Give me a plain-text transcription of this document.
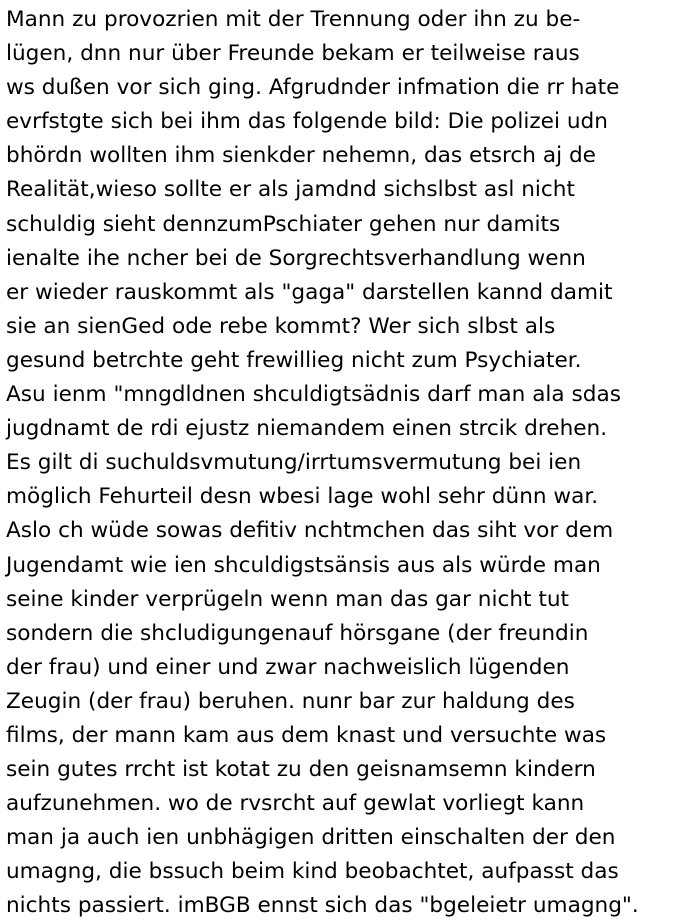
Mann zu provozrien mit der Trennung oder ihn zu be-
lügen, dnn nur über Freunde bekam er teilweise raus
ws dußen vor sich ging. Afgrudnder infmation die rr hate
evrfstgte sich bei ihm das folgende bild: Die polizei udn
bhördn wollten ihm sienkder nehemn, das etsrch aj de
Realität,wieso sollte er als jamdnd sichslbst asl nicht
schuldig sieht dennzumPschiater gehen nur damits
ienalte ihe ncher bei de Sorgrechtsverhandlung wenn
er wieder rauskommt als "gaga" darstellen kannd damit
sie an sienGed ode rebe kommt? Wer sich slbst als
gesund betrchte geht frewillieg nicht zum Psychiater.
Asu ienm "mngdldnen shculdigtsädnis darf man ala sdas
jugdnamt de rdi ejustz niemandem einen strcik drehen.
Es gilt di suchuldsvmutung/irrtumsvermutung bei ien
möglich Fehurteil desn wbesi lage wohl sehr dünn war.
Aslo ch wüde sowas defitiv nchtmchen das siht vor dem
Jugendamt wie ien shculdigstsänsis aus als würde man
seine kinder verprügeln wenn man das gar nicht tut
sondern die shcludigungenauf hörsgane (der freundin
der frau) und einer und zwar nachweislich lügenden
Zeugin (der frau) beruhen. nunr bar zur haldung des
films, der mann kam aus dem knast und versuchte was
sein gutes rrcht ist kotat zu den geisnamsemn kindern
aufzunehmen. wo de rvsrcht auf gewlat vorliegt kann
man ja auch ien unbhägigen dritten einschalten der den
umagng, die bssuch beim kind beobachtet, aufpasst das
nichts passiert. imBGB ennst sich das "bgeleietr umagng".
